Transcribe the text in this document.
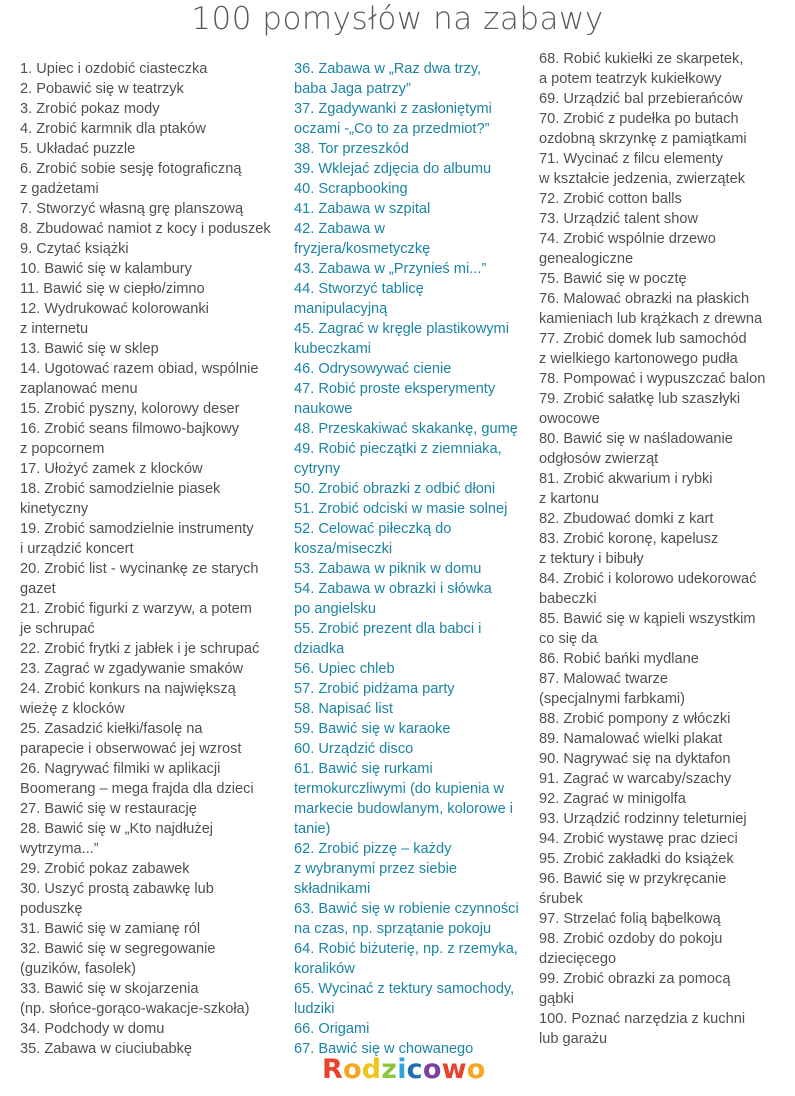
100 pomysłów na zabawy
1. Upiec i ozdobić ciasteczka
2. Pobawić się w teatrzyk
3. Zrobić pokaz mody
4. Zrobić karmnik dla ptaków
5. Układać puzzle
6. Zrobić sobie sesję fotograficzną
z gadżetami
7. Stworzyć własną grę planszową
8. Zbudować namiot z kocy i poduszek
9. Czytać książki
10. Bawić się w kalambury
11. Bawić się w ciepło/zimno
12. Wydrukować kolorowanki
z internetu
13. Bawić się w sklep
14. Ugotować razem obiad, wspólnie
zaplanować menu
15. Zrobić pyszny, kolorowy deser
16. Zrobić seans filmowo-bajkowy
z popcornem
17. Ułożyć zamek z klocków
18. Zrobić samodzielnie piasek
kinetyczny
19. Zrobić samodzielnie instrumenty
i urządzić koncert
20. Zrobić list - wycinankę ze starych
gazet
21. Zrobić figurki z warzyw, a potem
je schrupać
22. Zrobić frytki z jabłek i je schrupać
23. Zagrać w zgadywanie smaków
24. Zrobić konkurs na największą
wieżę z klocków
25. Zasadzić kiełki/fasolę na
parapecie i obserwować jej wzrost
26. Nagrywać filmiki w aplikacji
Boomerang – mega frajda dla dzieci
27. Bawić się w restaurację
28. Bawić się w „Kto najdłużej
wytrzyma...”
29. Zrobić pokaz zabawek
30. Uszyć prostą zabawkę lub
poduszkę
31. Bawić się w zamianę ról
32. Bawić się w segregowanie
(guzików, fasolek)
33. Bawić się w skojarzenia
(np. słońce-gorąco-wakacje-szkoła)
34. Podchody w domu
35. Zabawa w ciuciubabkę
36. Zabawa w „Raz dwa trzy,
baba Jaga patrzy”
37. Zgadywanki z zasłoniętymi
oczami -„Co to za przedmiot?”
38. Tor przeszkód
39. Wklejać zdjęcia do albumu
40. Scrapbooking
41. Zabawa w szpital
42. Zabawa w
fryzjera/kosmetyczkę
43. Zabawa w „Przynieś mi...”
44. Stworzyć tablicę
manipulacyjną
45. Zagrać w kręgle plastikowymi
kubeczkami
46. Odrysowywać cienie
47. Robić proste eksperymenty
naukowe
48. Przeskakiwać skakankę, gumę
49. Robić pieczątki z ziemniaka,
cytryny
50. Zrobić obrazki z odbić dłoni
51. Zrobić odciski w masie solnej
52. Celować piłeczką do
kosza/miseczki
53. Zabawa w piknik w domu
54. Zabawa w obrazki i słówka
po angielsku
55. Zrobić prezent dla babci i
dziadka
56. Upiec chleb
57. Zrobić pidżama party
58. Napisać list
59. Bawić się w karaoke
60. Urządzić disco
61. Bawić się rurkami
termokurczliwymi (do kupienia w
markecie budowlanym, kolorowe i
tanie)
62. Zrobić pizzę – każdy
z wybranymi przez siebie
składnikami
63. Bawić się w robienie czynności
na czas, np. sprzątanie pokoju
64. Robić biżuterię, np. z rzemyka,
koralików
65. Wycinać z tektury samochody,
ludziki
66. Origami
67. Bawić się w chowanego
68. Robić kukiełki ze skarpetek,
a potem teatrzyk kukiełkowy
69. Urządzić bal przebierańców
70. Zrobić z pudełka po butach
ozdobną skrzynkę z pamiątkami
71. Wycinać z filcu elementy
w kształcie jedzenia, zwierzątek
72. Zrobić cotton balls
73. Urządzić talent show
74. Zrobić wspólnie drzewo
genealogiczne
75. Bawić się w pocztę
76. Malować obrazki na płaskich
kamieniach lub krążkach z drewna
77. Zrobić domek lub samochód
z wielkiego kartonowego pudła
78. Pompować i wypuszczać balon
79. Zrobić sałatkę lub szaszłyki
owocowe
80. Bawić się w naśladowanie
odgłosów zwierząt
81. Zrobić akwarium i rybki
z kartonu
82. Zbudować domki z kart
83. Zrobić koronę, kapelusz
z tektury i bibuły
84. Zrobić i kolorowo udekorować
babeczki
85. Bawić się w kąpieli wszystkim
co się da
86. Robić bańki mydlane
87. Malować twarze
(specjalnymi farbkami)
88. Zrobić pompony z włóczki
89. Namalować wielki plakat
90. Nagrywać się na dyktafon
91. Zagrać w warcaby/szachy
92. Zagrać w minigolfa
93. Urządzić rodzinny teleturniej
94. Zrobić wystawę prac dzieci
95. Zrobić zakładki do książek
96. Bawić się w przykręcanie
śrubek
97. Strzelać folią bąbelkową
98. Zrobić ozdoby do pokoju
dziecięcego
99. Zrobić obrazki za pomocą
gąbki
100. Poznać narzędzia z kuchni
lub garażu
Rodzicowo
